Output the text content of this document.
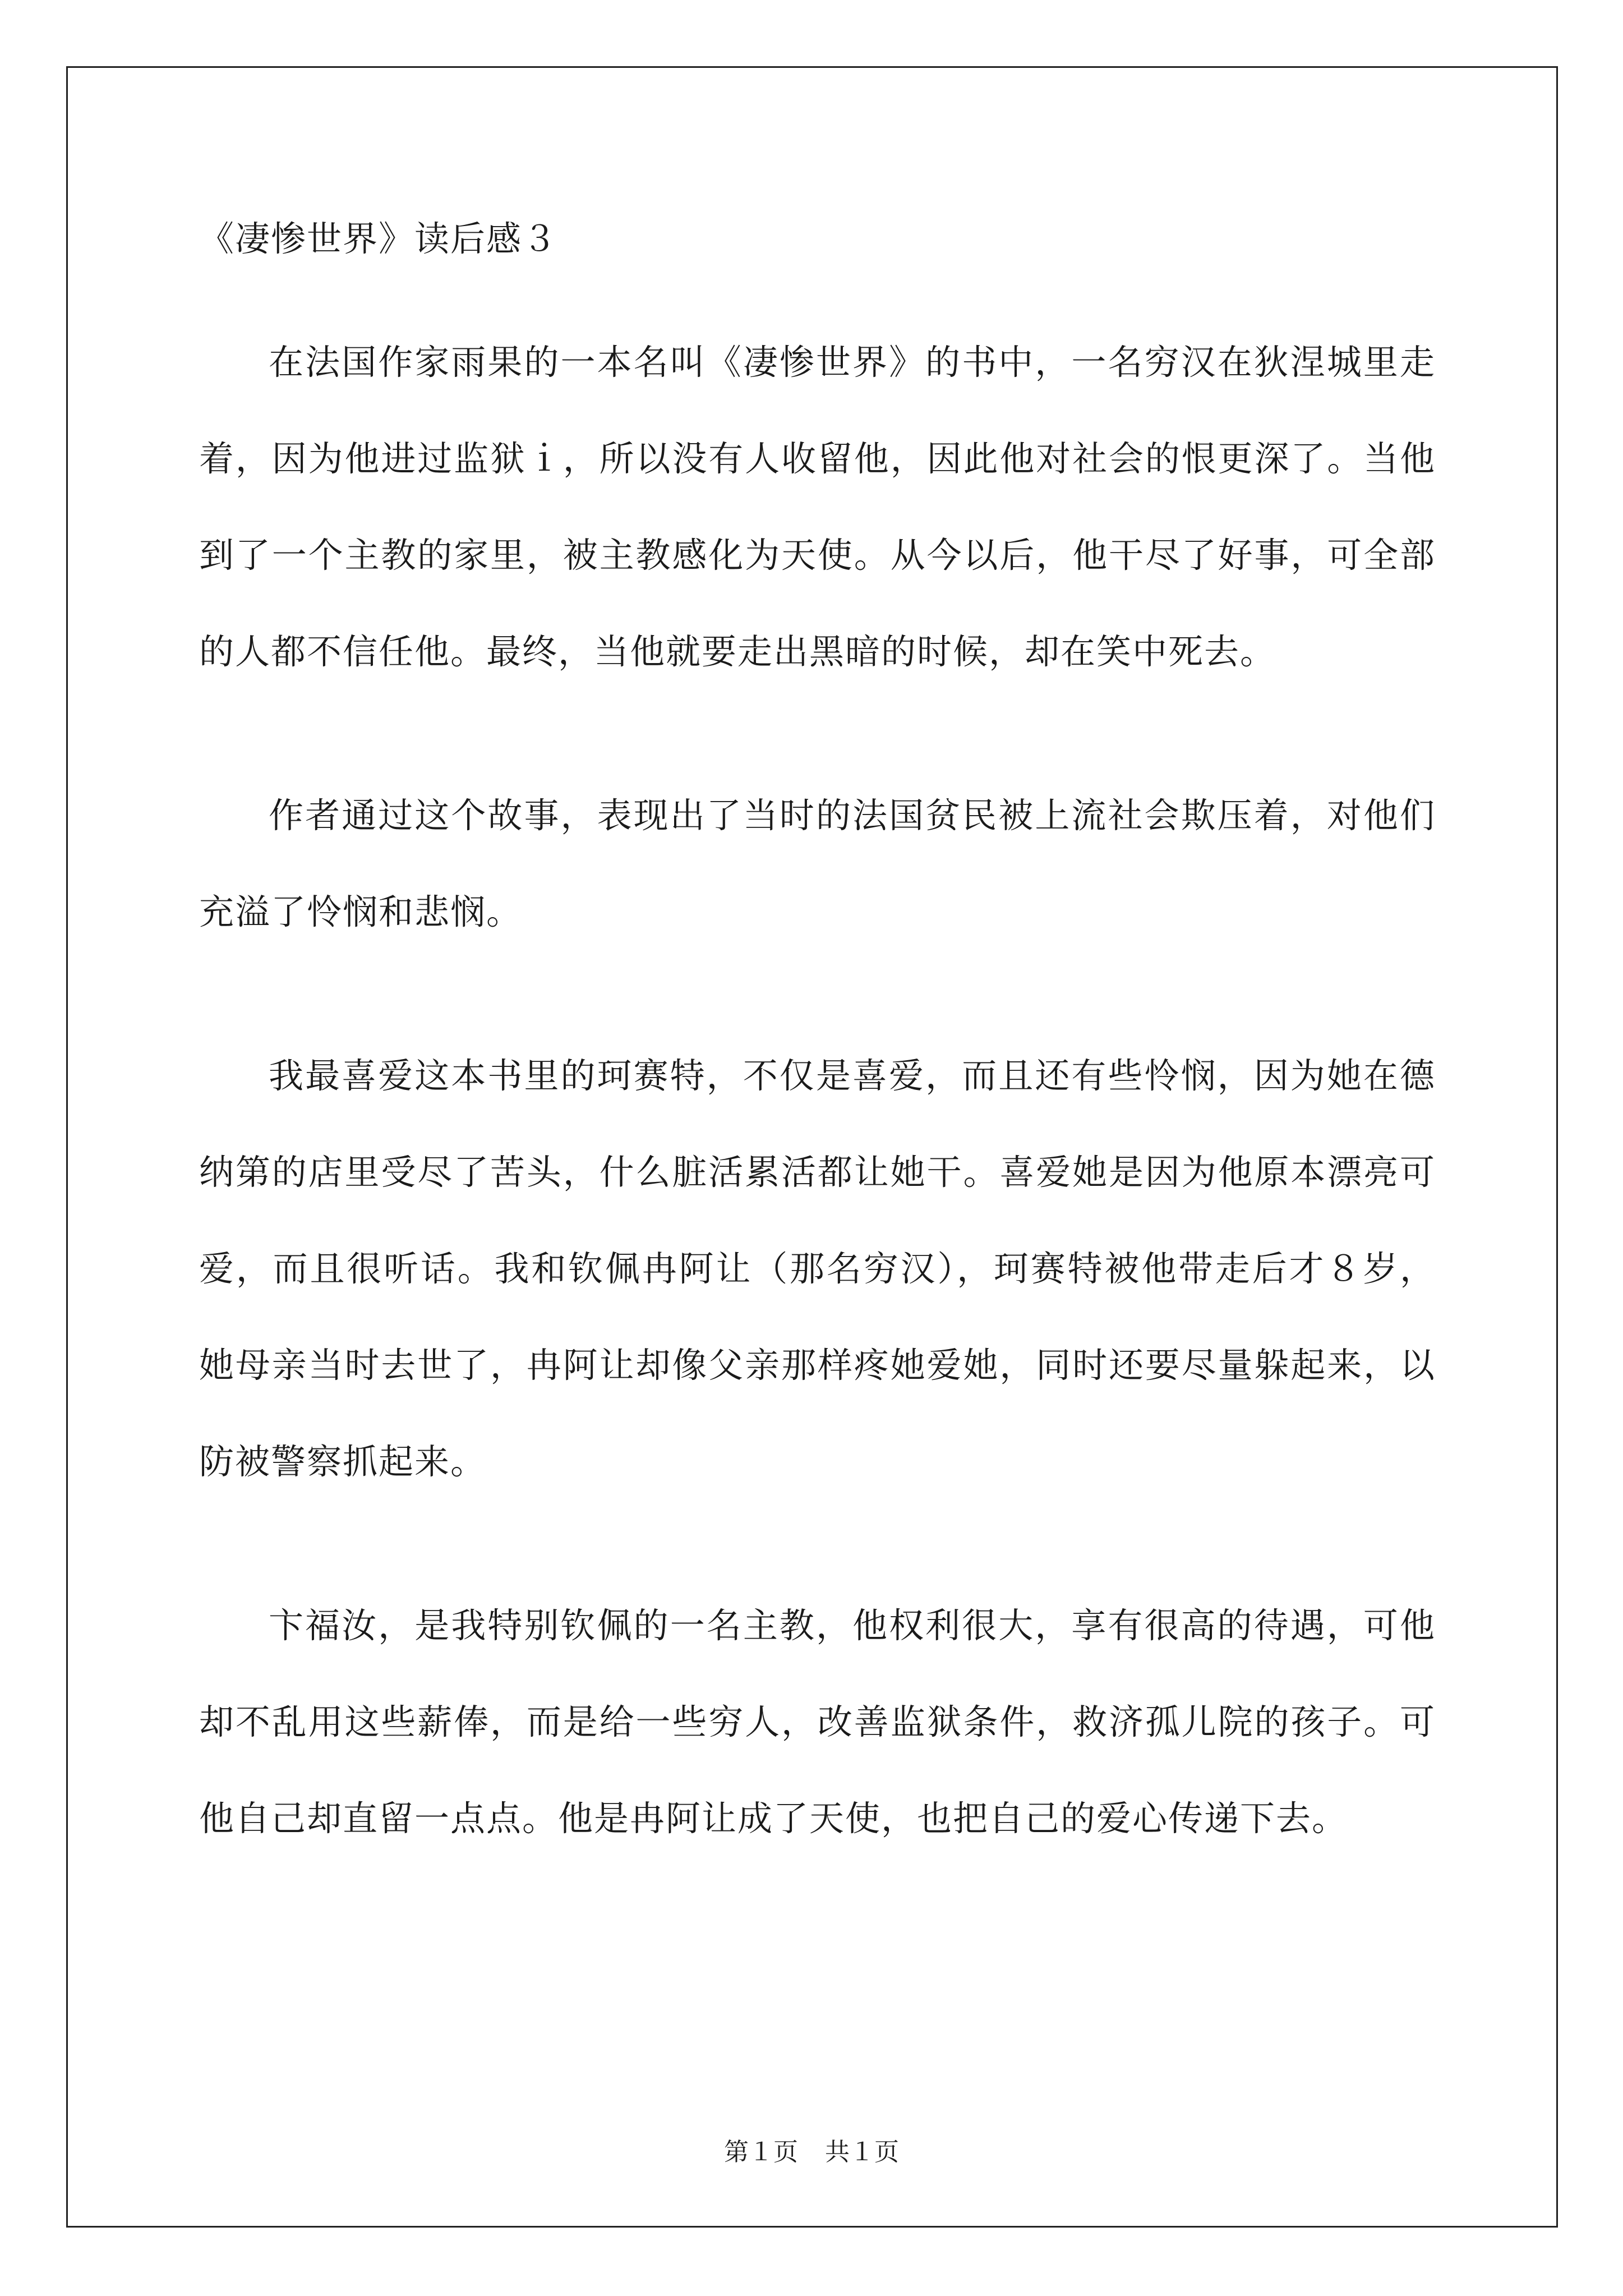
《凄惨世界》读后感３

在法国作家雨果的一本名叫《凄惨世界》的书中，一名穷汉在狄涅城里走着，因为他进过监狱ｉ，所以没有人收留他，因此他对社会的恨更深了。当他到了一个主教的家里，被主教感化为天使。从今以后，他干尽了好事，可全部的人都不信任他。最终，当他就要走出黑暗的时候，却在笑中死去。

作者通过这个故事，表现出了当时的法国贫民被上流社会欺压着，对他们充溢了怜悯和悲悯。

我最喜爱这本书里的珂赛特，不仅是喜爱，而且还有些怜悯，因为她在德纳第的店里受尽了苦头，什么脏活累活都让她干。喜爱她是因为他原本漂亮可爱，而且很听话。我和钦佩冉阿让（那名穷汉），珂赛特被他带走后才８岁，她母亲当时去世了，冉阿让却像父亲那样疼她爱她，同时还要尽量躲起来，以防被警察抓起来。

卞福汝，是我特别钦佩的一名主教，他权利很大，享有很高的待遇，可他却不乱用这些薪俸，而是给一些穷人，改善监狱条件，救济孤儿院的孩子。可他自己却直留一点点。他是冉阿让成了天使，也把自己的爱心传递下去。

第１页 共１页
